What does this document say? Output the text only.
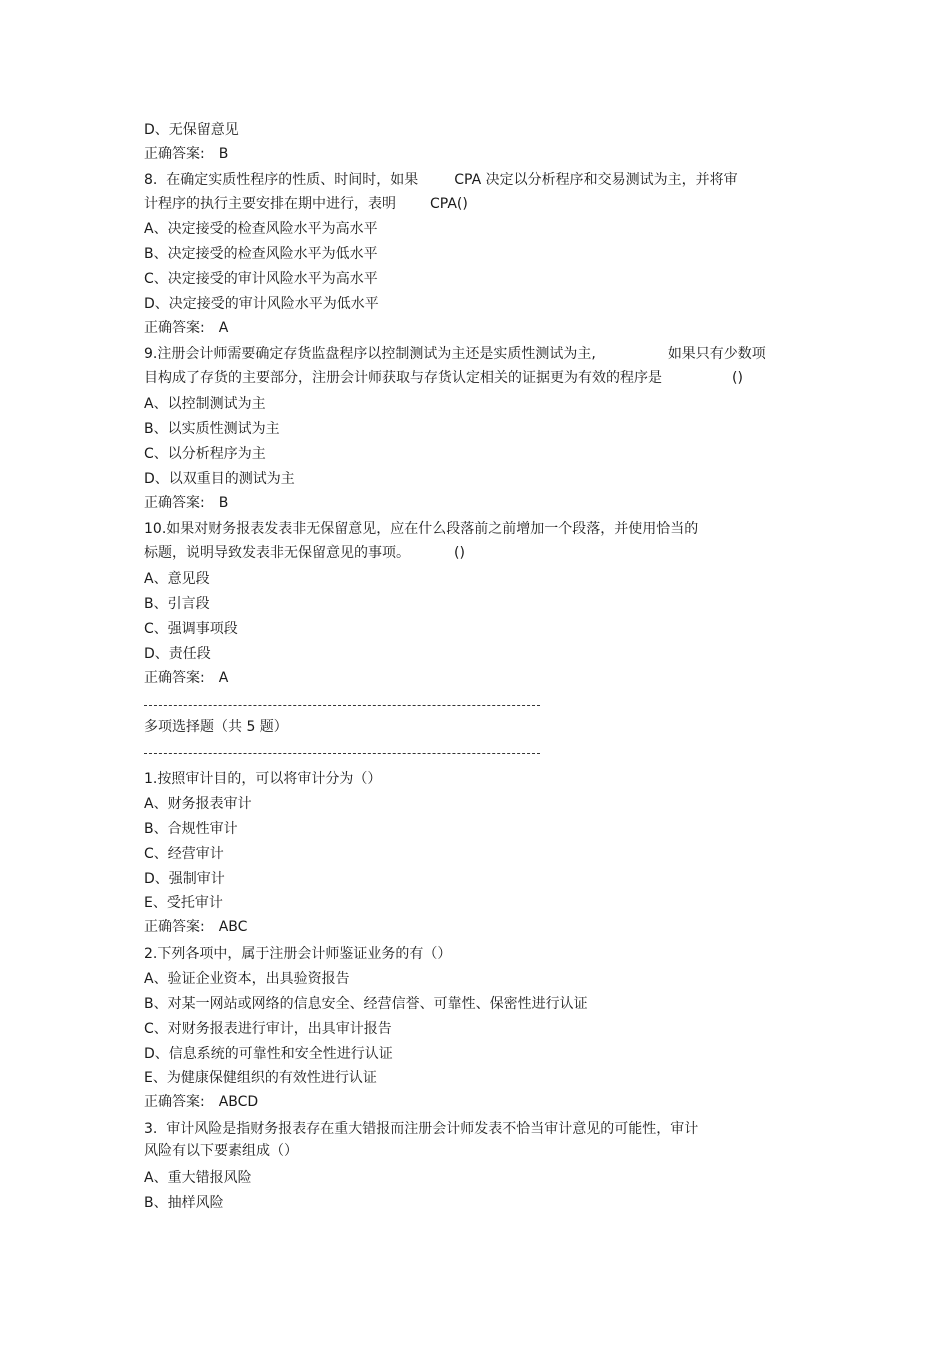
D、无保留意见
正确答案: B
8.  在确定实质性程序的性质、时间时，如果	CPA 决定以分析程序和交易测试为主，并将审
计程序的执行主要安排在期中进行，表明 CPA()
A、决定接受的检查风险水平为高水平
B、决定接受的检查风险水平为低水平
C、决定接受的审计风险水平为高水平
D、决定接受的审计风险水平为低水平
正确答案: A
9.注册会计师需要确定存货监盘程序以控制测试为主还是实质性测试为主,	如果只有少数项
目构成了存货的主要部分，注册会计师获取与存货认定相关的证据更为有效的程序是	()
A、以控制测试为主
B、以实质性测试为主
C、以分析程序为主
D、以双重目的测试为主
正确答案: B
10.如果对财务报表发表非无保留意见，应在什么段落前之前增加一个段落，并使用恰当的
标题，说明导致发表非无保留意见的事项。	()
A、意见段
B、引言段
C、强调事项段
D、责任段
正确答案: A
多项选择题（共 5 题）
1.按照审计目的，可以将审计分为（）
A、财务报表审计
B、合规性审计
C、经营审计
D、强制审计
E、受托审计
正确答案: ABC
2.下列各项中，属于注册会计师鉴证业务的有（）
A、验证企业资本，出具验资报告
B、对某一网站或网络的信息安全、经营信誉、可靠性、保密性进行认证
C、对财务报表进行审计，出具审计报告
D、信息系统的可靠性和安全性进行认证
E、为健康保健组织的有效性进行认证
正确答案: ABCD
3.  审计风险是指财务报表存在重大错报而注册会计师发表不恰当审计意见的可能性，审计
风险有以下要素组成（）
A、重大错报风险
B、抽样风险
